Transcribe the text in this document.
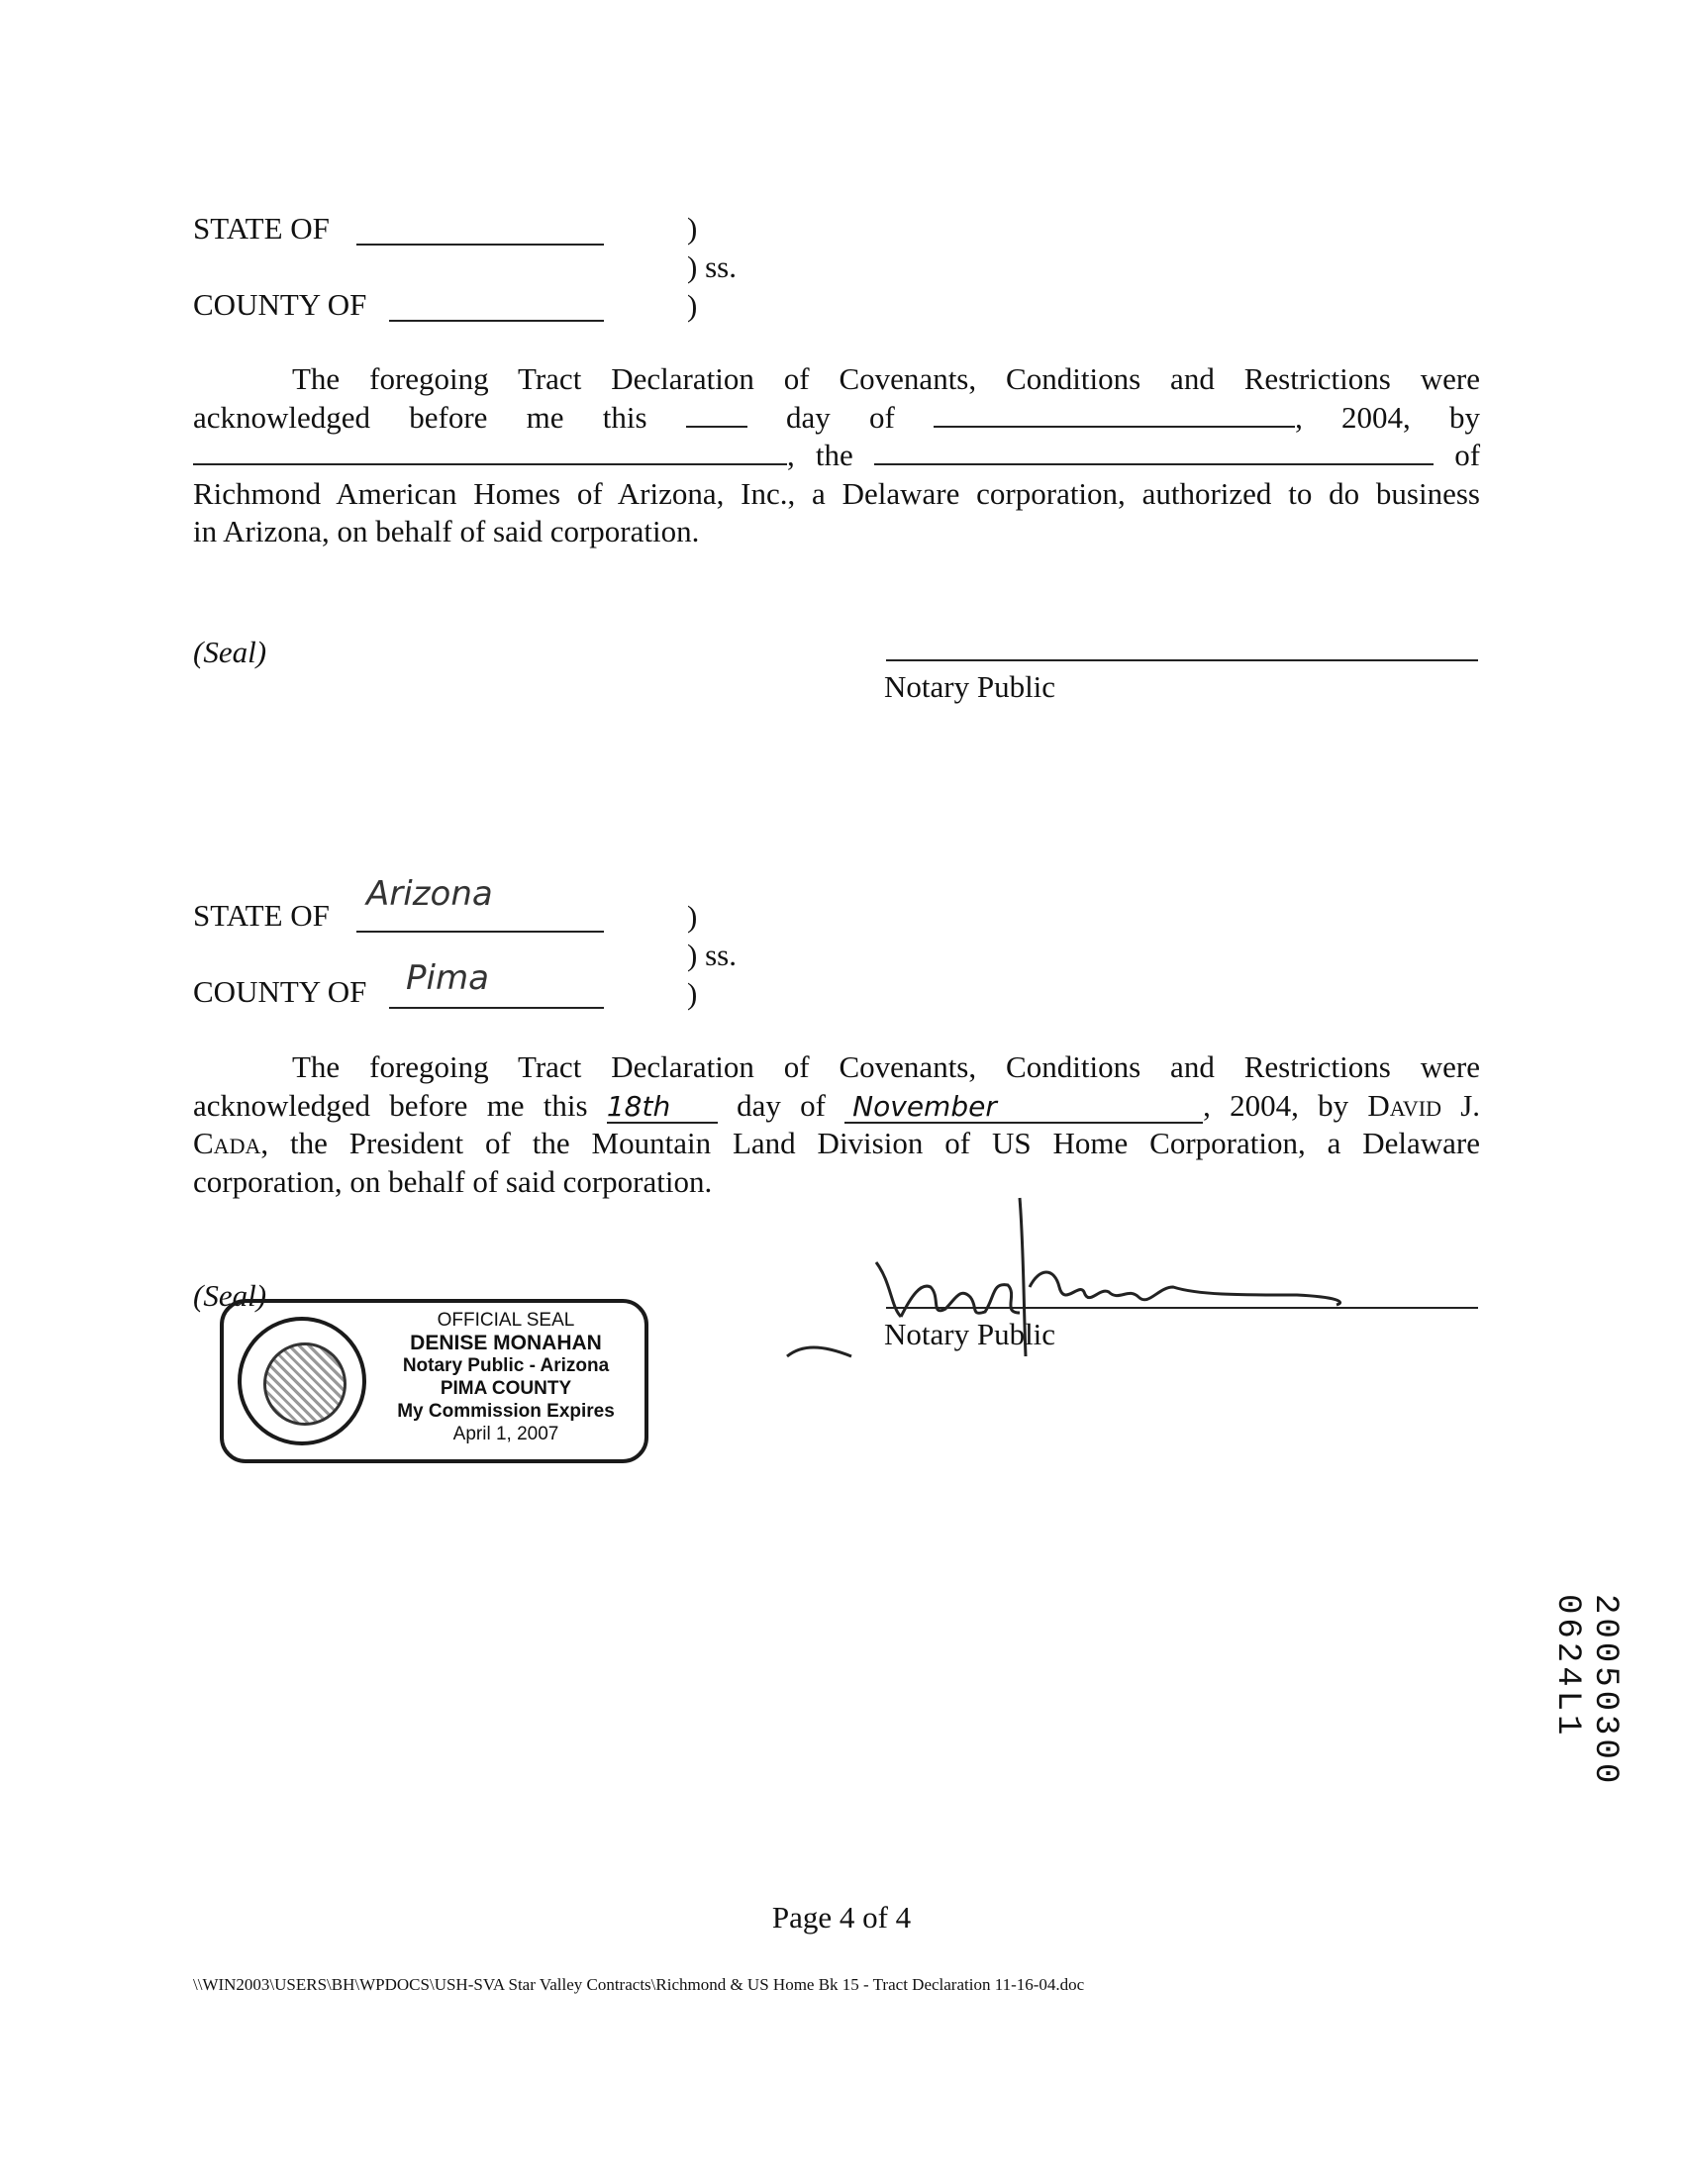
STATE OF
COUNTY OF
)
) ss.
)
The foregoing Tract Declaration of Covenants, Conditions and Restrictions were
acknowledged before me this	day of	, 2004, by
, the	of
Richmond American Homes of Arizona, Inc., a Delaware corporation, authorized to do business
in Arizona, on behalf of said corporation.
(Seal)
Notary Public
STATE OF
Arizona
COUNTY OF Pima
)
) ss.
)
The foregoing Tract Declaration of Covenants, Conditions and Restrictions were
acknowledged before me this 18th day of November	, 2004, by David J.
Cada, the President of the Mountain Land Division of US Home Corporation, a Delaware
corporation, on behalf of said corporation.
(Seal)
OFFICIAL SEAL
DENISE MONAHAN
Notary Public - Arizona
PIMA COUNTY
My Commission Expires
April 1, 2007
Notary Public
20050300 0624L1
Page 4 of 4
\\WIN2003\USERS\BH\WPDOCS\USH-SVA Star Valley Contracts\Richmond & US Home Bk 15 - Tract Declaration 11-16-04.doc
